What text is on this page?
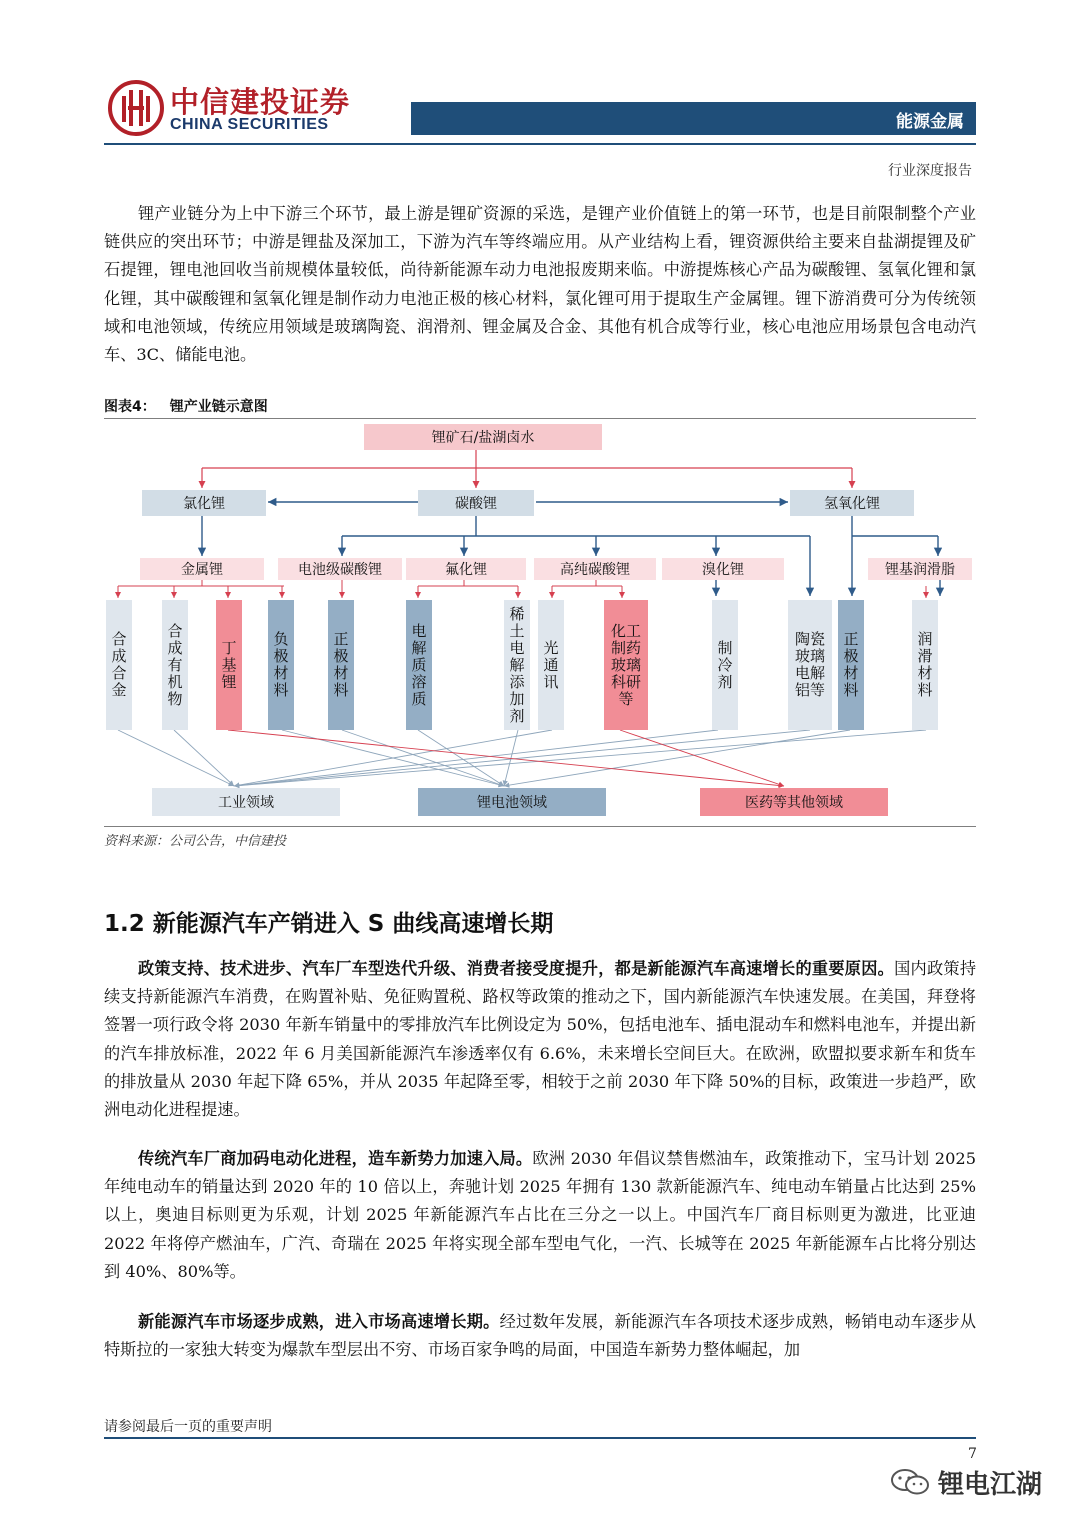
中信建投证券
CHINA SECURITIES	能源金属
行业深度报告
锂产业链分为上中下游三个环节，最上游是锂矿资源的采选，是锂产业价值链上的第一环节，也是目前限制整个产业链供应的突出环节；中游是锂盐及深加工，下游为汽车等终端应用。从产业结构上看，锂资源供给主要来自盐湖提锂及矿石提锂，锂电池回收当前规模体量较低，尚待新能源车动力电池报废期来临。中游提炼核心产品为碳酸锂、氢氧化锂和氯化锂，其中碳酸锂和氢氧化锂是制作动力电池正极的核心材料，氯化锂可用于提取生产金属锂。锂下游消费可分为传统领域和电池领域，传统应用领域是玻璃陶瓷、润滑剂、锂金属及合金、其他有机合成等行业，核心电池应用场景包含电动汽车、3C、储能电池。
图表4： 锂产业链示意图
锂矿石/盐湖卤水
氯化锂	碳酸锂	氢氧化锂
金属锂	电池级碳酸锂	氟化锂	高纯碳酸锂	溴化锂	锂基润滑脂
合成合金
合成有机物
丁基锂
负极材料
正极材料
电解质溶质
稀土电解添加剂
光通讯
化工制药玻璃科研等
制冷剂
陶瓷玻璃电解铝等
正极材料
润滑材料
工业领域	锂电池领域	医药等其他领域
资料来源：公司公告，中信建投
1.2 新能源汽车产销进入 S 曲线高速增长期
政策支持、技术进步、汽车厂车型迭代升级、消费者接受度提升，都是新能源汽车高速增长的重要原因。国内政策持续支持新能源汽车消费，在购置补贴、免征购置税、路权等政策的推动之下，国内新能源汽车快速发展。在美国，拜登将签署一项行政令将 2030 年新车销量中的零排放汽车比例设定为 50%，包括电池车、插电混动车和燃料电池车，并提出新的汽车排放标准，2022 年 6 月美国新能源汽车渗透率仅有 6.6%，未来增长空间巨大。在欧洲，欧盟拟要求新车和货车的排放量从 2030 年起下降 65%，并从 2035 年起降至零，相较于之前 2030 年下降 50%的目标，政策进一步趋严，欧洲电动化进程提速。
传统汽车厂商加码电动化进程，造车新势力加速入局。欧洲 2030 年倡议禁售燃油车，政策推动下，宝马计划 2025 年纯电动车的销量达到 2020 年的 10 倍以上，奔驰计划 2025 年拥有 130 款新能源汽车、纯电动车销量占比达到 25%以上，奥迪目标则更为乐观，计划 2025 年新能源汽车占比在三分之一以上。中国汽车厂商目标则更为激进，比亚迪 2022 年将停产燃油车，广汽、奇瑞在 2025 年将实现全部车型电气化，一汽、长城等在 2025 年新能源车占比将分别达到 40%、80%等。
新能源汽车市场逐步成熟，进入市场高速增长期。经过数年发展，新能源汽车各项技术逐步成熟，畅销电动车逐步从特斯拉的一家独大转变为爆款车型层出不穷、市场百家争鸣的局面，中国造车新势力整体崛起，加
请参阅最后一页的重要声明
7
锂电江湖
